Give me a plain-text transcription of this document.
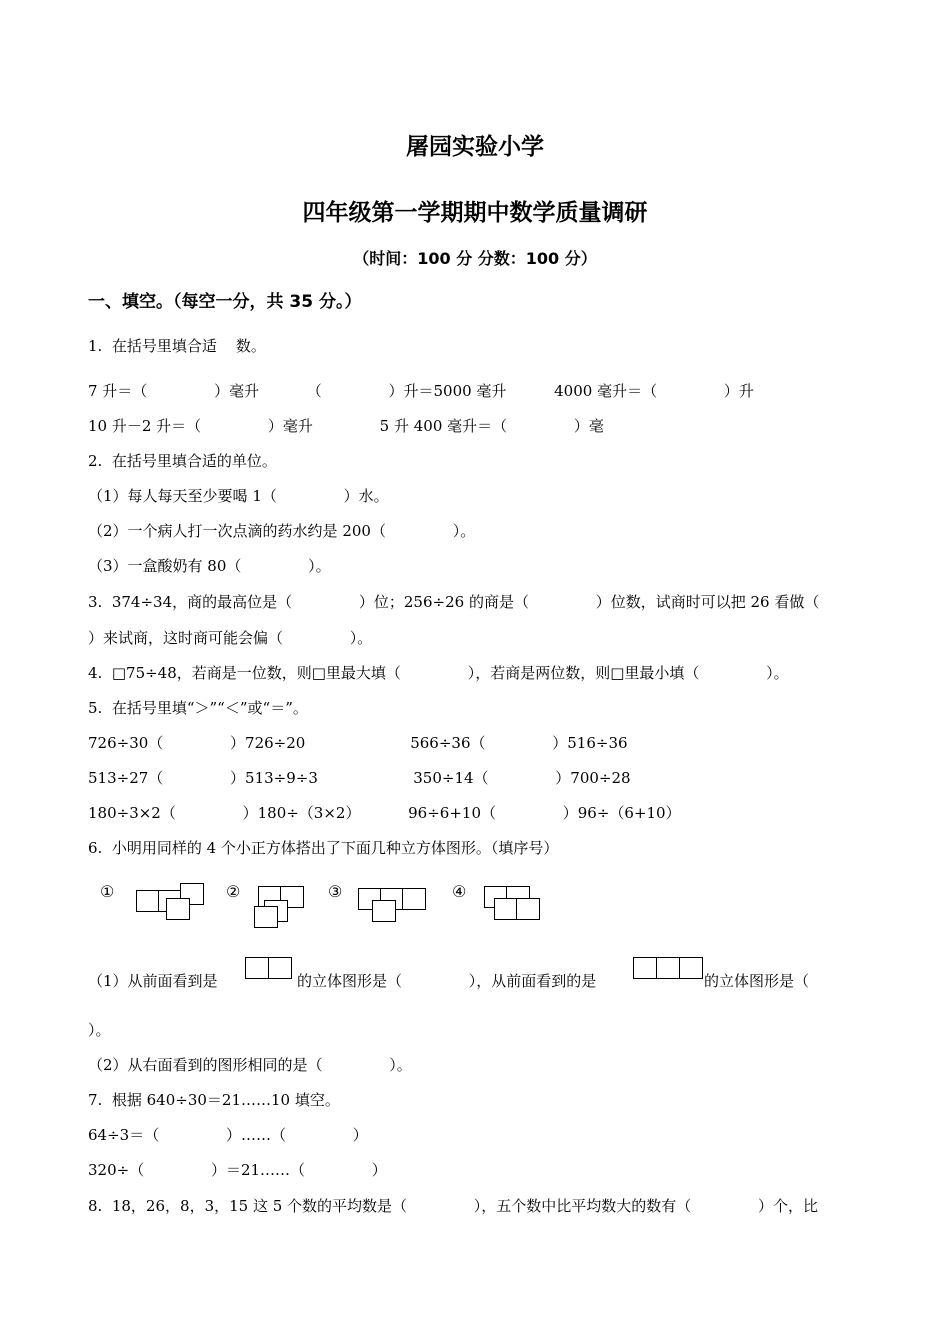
屠园实验小学
四年级第一学期期中数学质量调研
（时间：100 分 分数：100 分）
一、填空。（每空一分，共 35 分。）
1.  在括号里填合适    数。
7 升＝（              ）毫升          （              ）升＝5000 毫升          4000 毫升＝（              ）升
10 升－2 升＝（              ）毫升              5 升 400 毫升＝（              ）毫
2.  在括号里填合适的单位。
（1）每人每天至少要喝 1（              ）水。
（2）一个病人打一次点滴的药水约是 200（              ）。
（3）一盒酸奶有 80（              ）。
3.  374÷34，商的最高位是（              ）位；256÷26 的商是（              ）位数，试商时可以把 26 看做（
）来试商，这时商可能会偏（              ）。
4.  □75÷48，若商是一位数，则□里最大填（              ），若商是两位数，则□里最小填（              ）。
5.  在括号里填“＞”“＜”或“＝”。
726÷30（              ）726÷20                      566÷36（              ）516÷36
513÷27（              ）513÷9÷3                    350÷14（              ）700÷28
180÷3×2（              ）180÷（3×2）          96÷6+10（              ）96÷（6+10）
6.  小明用同样的 4 个小正方体搭出了下面几种立方体图形。（填序号）
①	②	③	④
（1）从前面看到是	的立体图形是（              ），从前面看到的是	的立体图形是（
）。
（2）从右面看到的图形相同的是（              ）。
7.  根据 640÷30＝21……10 填空。
64÷3＝（              ）……（              ）
320÷（              ）＝21……（              ）
8.  18，26，8，3，15 这 5 个数的平均数是（              ），五个数中比平均数大的数有（              ）个，比
